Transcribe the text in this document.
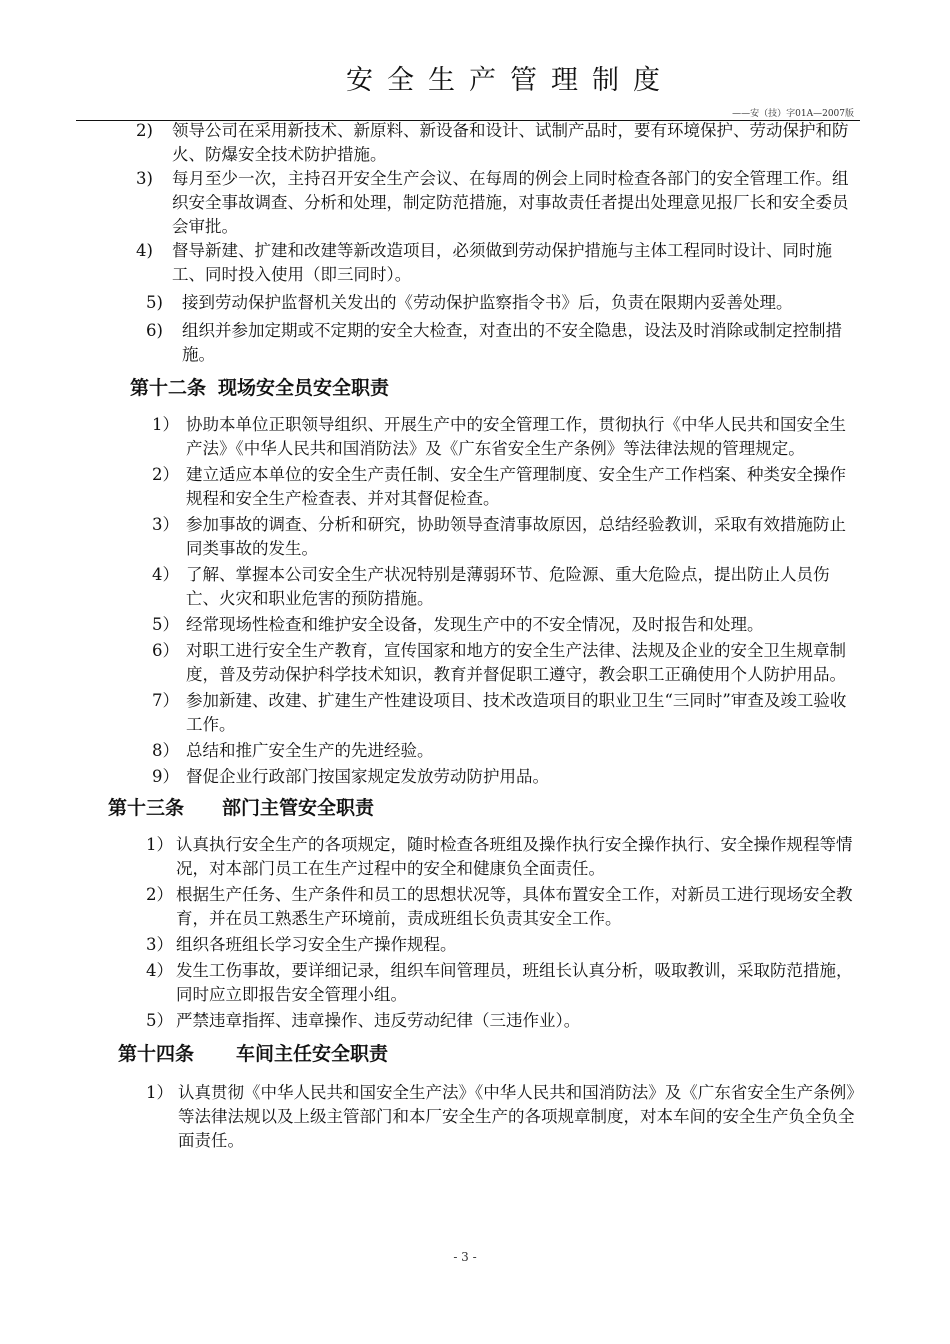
安全生产管理制度
——安（技）字01A—2007版

2) 领导公司在采用新技术、新原料、新设备和设计、试制产品时，要有环境保护、劳动保护和防火、防爆安全技术防护措施。

3) 每月至少一次，主持召开安全生产会议、在每周的例会上同时检查各部门的安全管理工作。组织安全事故调查、分析和处理，制定防范措施，对事故责任者提出处理意见报厂长和安全委员会审批。

4) 督导新建、扩建和改建等新改造项目，必须做到劳动保护措施与主体工程同时设计、同时施工、同时投入使用（即三同时）。

5) 接到劳动保护监督机关发出的《劳动保护监察指令书》后，负责在限期内妥善处理。

6) 组织并参加定期或不定期的安全大检查，对查出的不安全隐患，设法及时消除或制定控制措施。

第十二条 现场安全员安全职责

1） 协助本单位正职领导组织、开展生产中的安全管理工作，贯彻执行《中华人民共和国安全生产法》《中华人民共和国消防法》及《广东省安全生产条例》等法律法规的管理规定。

2） 建立适应本单位的安全生产责任制、安全生产管理制度、安全生产工作档案、种类安全操作规程和安全生产检查表、并对其督促检查。

3） 参加事故的调查、分析和研究，协助领导查清事故原因，总结经验教训，采取有效措施防止同类事故的发生。

4） 了解、掌握本公司安全生产状况特别是薄弱环节、危险源、重大危险点，提出防止人员伤亡、火灾和职业危害的预防措施。

5） 经常现场性检查和维护安全设备，发现生产中的不安全情况，及时报告和处理。

6） 对职工进行安全生产教育，宣传国家和地方的安全生产法律、法规及企业的安全卫生规章制度，普及劳动保护科学技术知识，教育并督促职工遵守，教会职工正确使用个人防护用品。

7） 参加新建、改建、扩建生产性建设项目、技术改造项目的职业卫生“三同时”审查及竣工验收工作。

8） 总结和推广安全生产的先进经验。

9） 督促企业行政部门按国家规定发放劳动防护用品。

第十三条 部门主管安全职责

1） 认真执行安全生产的各项规定，随时检查各班组及操作执行安全操作执行、安全操作规程等情况，对本部门员工在生产过程中的安全和健康负全面责任。

2） 根据生产任务、生产条件和员工的思想状况等，具体布置安全工作，对新员工进行现场安全教育，并在员工熟悉生产环境前，责成班组长负责其安全工作。

3） 组织各班组长学习安全生产操作规程。

4） 发生工伤事故，要详细记录，组织车间管理员，班组长认真分析，吸取教训，采取防范措施，同时应立即报告安全管理小组。

5） 严禁违章指挥、违章操作、违反劳动纪律（三违作业）。

第十四条 车间主任安全职责

1） 认真贯彻《中华人民共和国安全生产法》《中华人民共和国消防法》及《广东省安全生产条例》等法律法规以及上级主管部门和本厂安全生产的各项规章制度，对本车间的安全生产负全负全面责任。

- 3 -
